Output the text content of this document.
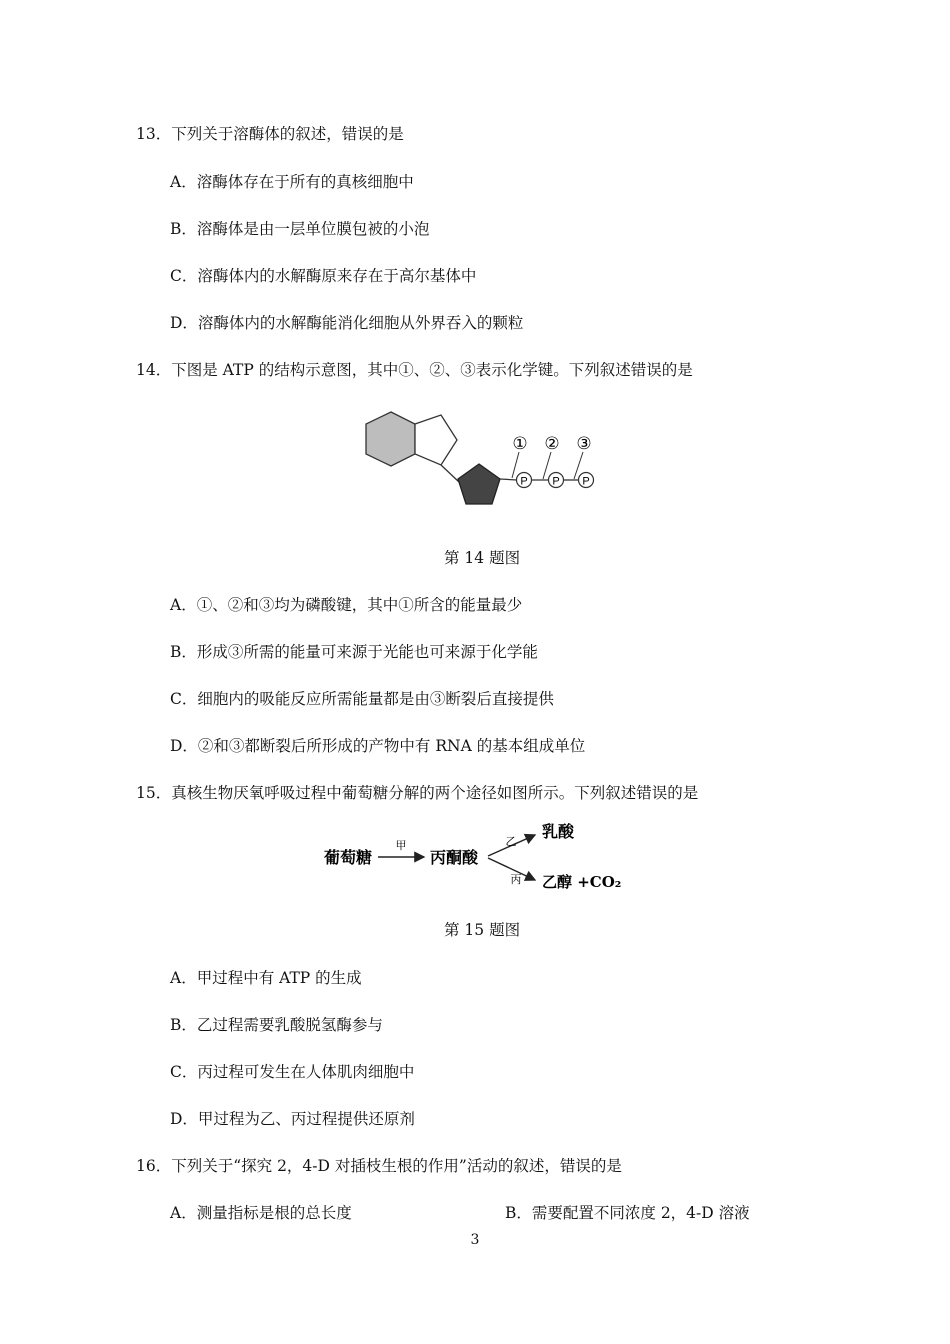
13．下列关于溶酶体的叙述，错误的是
A．溶酶体存在于所有的真核细胞中
B．溶酶体是由一层单位膜包被的小泡
C．溶酶体内的水解酶原来存在于高尔基体中
D．溶酶体内的水解酶能消化细胞从外界吞入的颗粒
14．下图是 ATP 的结构示意图，其中①、②、③表示化学键。下列叙述错误的是
P P P
① ② ③
第 14 题图
A．①、②和③均为磷酸键，其中①所含的能量最少
B．形成③所需的能量可来源于光能也可来源于化学能
C．细胞内的吸能反应所需能量都是由③断裂后直接提供
D．②和③都断裂后所形成的产物中有 RNA 的基本组成单位
15．真核生物厌氧呼吸过程中葡萄糖分解的两个途径如图所示。下列叙述错误的是
葡萄糖
甲
丙酮酸
乙
丙
乳酸
乙醇 +CO₂
第 15 题图
A．甲过程中有 ATP 的生成
B．乙过程需要乳酸脱氢酶参与
C．丙过程可发生在人体肌肉细胞中
D．甲过程为乙、丙过程提供还原剂
16．下列关于“探究 2，4-D 对插枝生根的作用”活动的叙述，错误的是
A．测量指标是根的总长度	B．需要配置不同浓度 2，4-D 溶液
3
